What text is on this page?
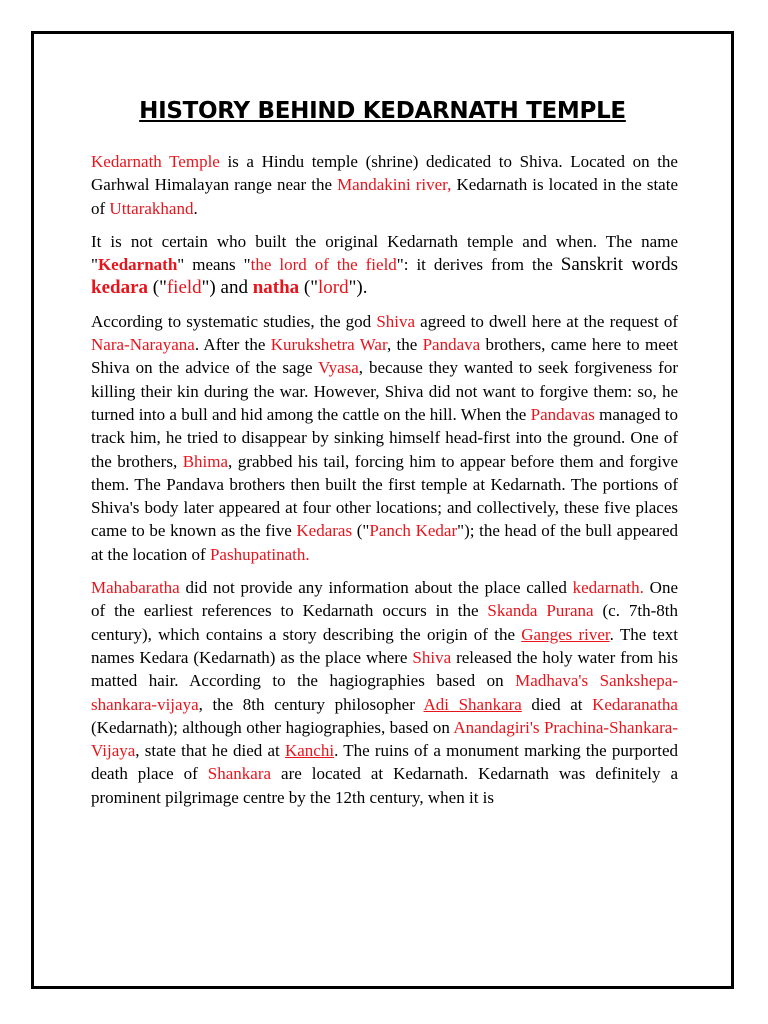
HISTORY BEHIND KEDARNATH TEMPLE

Kedarnath Temple is a Hindu temple (shrine) dedicated to Shiva. Located on the Garhwal Himalayan range near the Mandakini river, Kedarnath is located in the state of Uttarakhand.

It is not certain who built the original Kedarnath temple and when. The name "Kedarnath" means "the lord of the field": it derives from the Sanskrit words kedara ("field") and natha ("lord").

According to systematic studies, the god Shiva agreed to dwell here at the request of Nara-Narayana. After the Kurukshetra War, the Pandava brothers, came here to meet Shiva on the advice of the sage Vyasa, because they wanted to seek forgiveness for killing their kin during the war. However, Shiva did not want to forgive them: so, he turned into a bull and hid among the cattle on the hill. When the Pandavas managed to track him, he tried to disappear by sinking himself head-first into the ground. One of the brothers, Bhima, grabbed his tail, forcing him to appear before them and forgive them. The Pandava brothers then built the first temple at Kedarnath. The portions of Shiva's body later appeared at four other locations; and collectively, these five places came to be known as the five Kedaras ("Panch Kedar"); the head of the bull appeared at the location of Pashupatinath.

Mahabaratha did not provide any information about the place called kedarnath. One of the earliest references to Kedarnath occurs in the Skanda Purana (c. 7th-8th century), which contains a story describing the origin of the Ganges river. The text names Kedara (Kedarnath) as the place where Shiva released the holy water from his matted hair. According to the hagiographies based on Madhava's Sankshepa-shankara-vijaya, the 8th century philosopher Adi Shankara died at Kedaranatha (Kedarnath); although other hagiographies, based on Anandagiri's Prachina-Shankara-Vijaya, state that he died at Kanchi. The ruins of a monument marking the purported death place of Shankara are located at Kedarnath. Kedarnath was definitely a prominent pilgrimage centre by the 12th century, when it is
